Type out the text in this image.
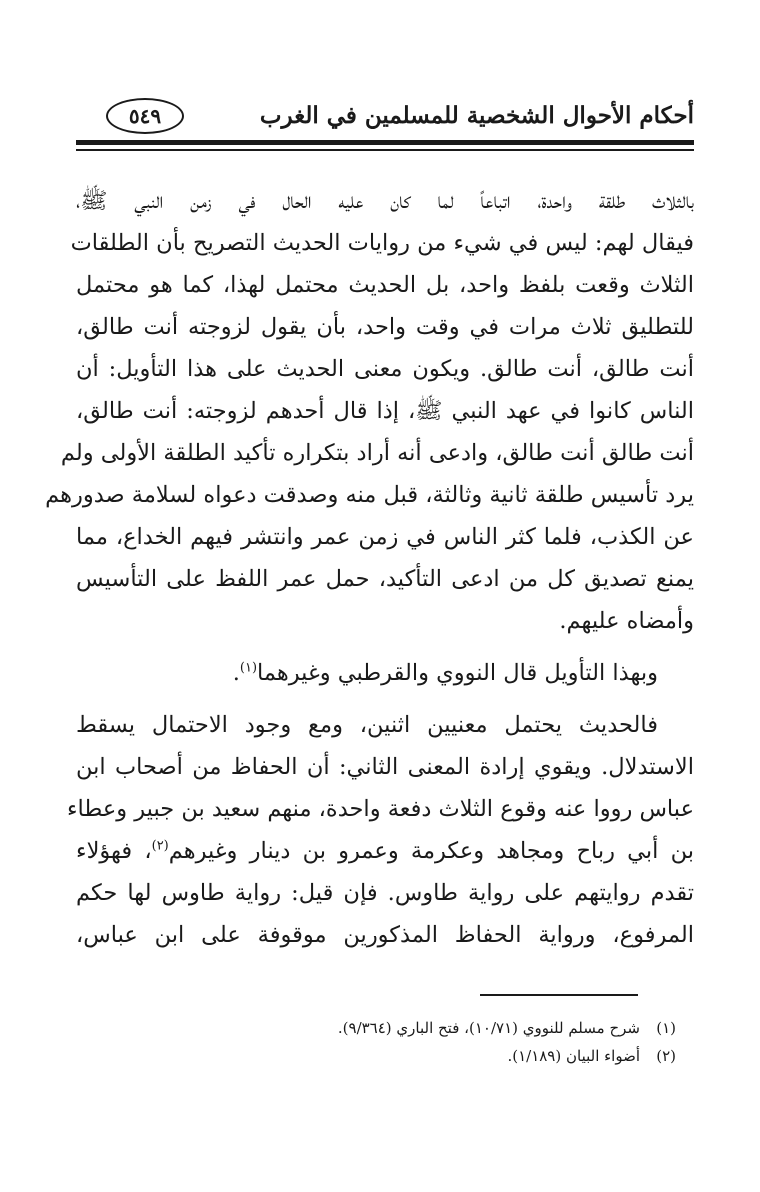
أحكام الأحوال الشخصية للمسلمين في الغرب
٥٤٩
بالثلاث طلقة واحدة، اتباعاً لما كان عليه الحال في زمن النبي ﷺ،
فيقال لهم: ليس في شيء من روايات الحديث التصريح بأن الطلقات
الثلاث وقعت بلفظ واحد، بل الحديث محتمل لهذا، كما هو محتمل
للتطليق ثلاث مرات في وقت واحد، بأن يقول لزوجته أنت طالق،
أنت طالق، أنت طالق. ويكون معنى الحديث على هذا التأويل: أن
الناس كانوا في عهد النبي ﷺ، إذا قال أحدهم لزوجته: أنت طالق،
أنت طالق أنت طالق، وادعى أنه أراد بتكراره تأكيد الطلقة الأولى ولم
يرد تأسيس طلقة ثانية وثالثة، قبل منه وصدقت دعواه لسلامة صدورهم
عن الكذب، فلما كثر الناس في زمن عمر وانتشر فيهم الخداع، مما
يمنع تصديق كل من ادعى التأكيد، حمل عمر اللفظ على التأسيس
وأمضاه عليهم.
وبهذا التأويل قال النووي والقرطبي وغيرهما$^{(١)}$.
فالحديث يحتمل معنيين اثنين، ومع وجود الاحتمال يسقط
الاستدلال. ويقوي إرادة المعنى الثاني: أن الحفاظ من أصحاب ابن
عباس رووا عنه وقوع الثلاث دفعة واحدة، منهم سعيد بن جبير وعطاء
بن أبي رباح ومجاهد وعكرمة وعمرو بن دينار وغيرهم$^{(٢)}$، فهؤلاء
تقدم روايتهم على رواية طاوس. فإن قيل: رواية طاوس لها حكم
المرفوع، ورواية الحفاظ المذكورين موقوفة على ابن عباس،
(١)شرح مسلم للنووي (١٠/٧١)، فتح الباري (٩/٣٦٤).
(٢)أضواء البيان (١/١٨٩).
